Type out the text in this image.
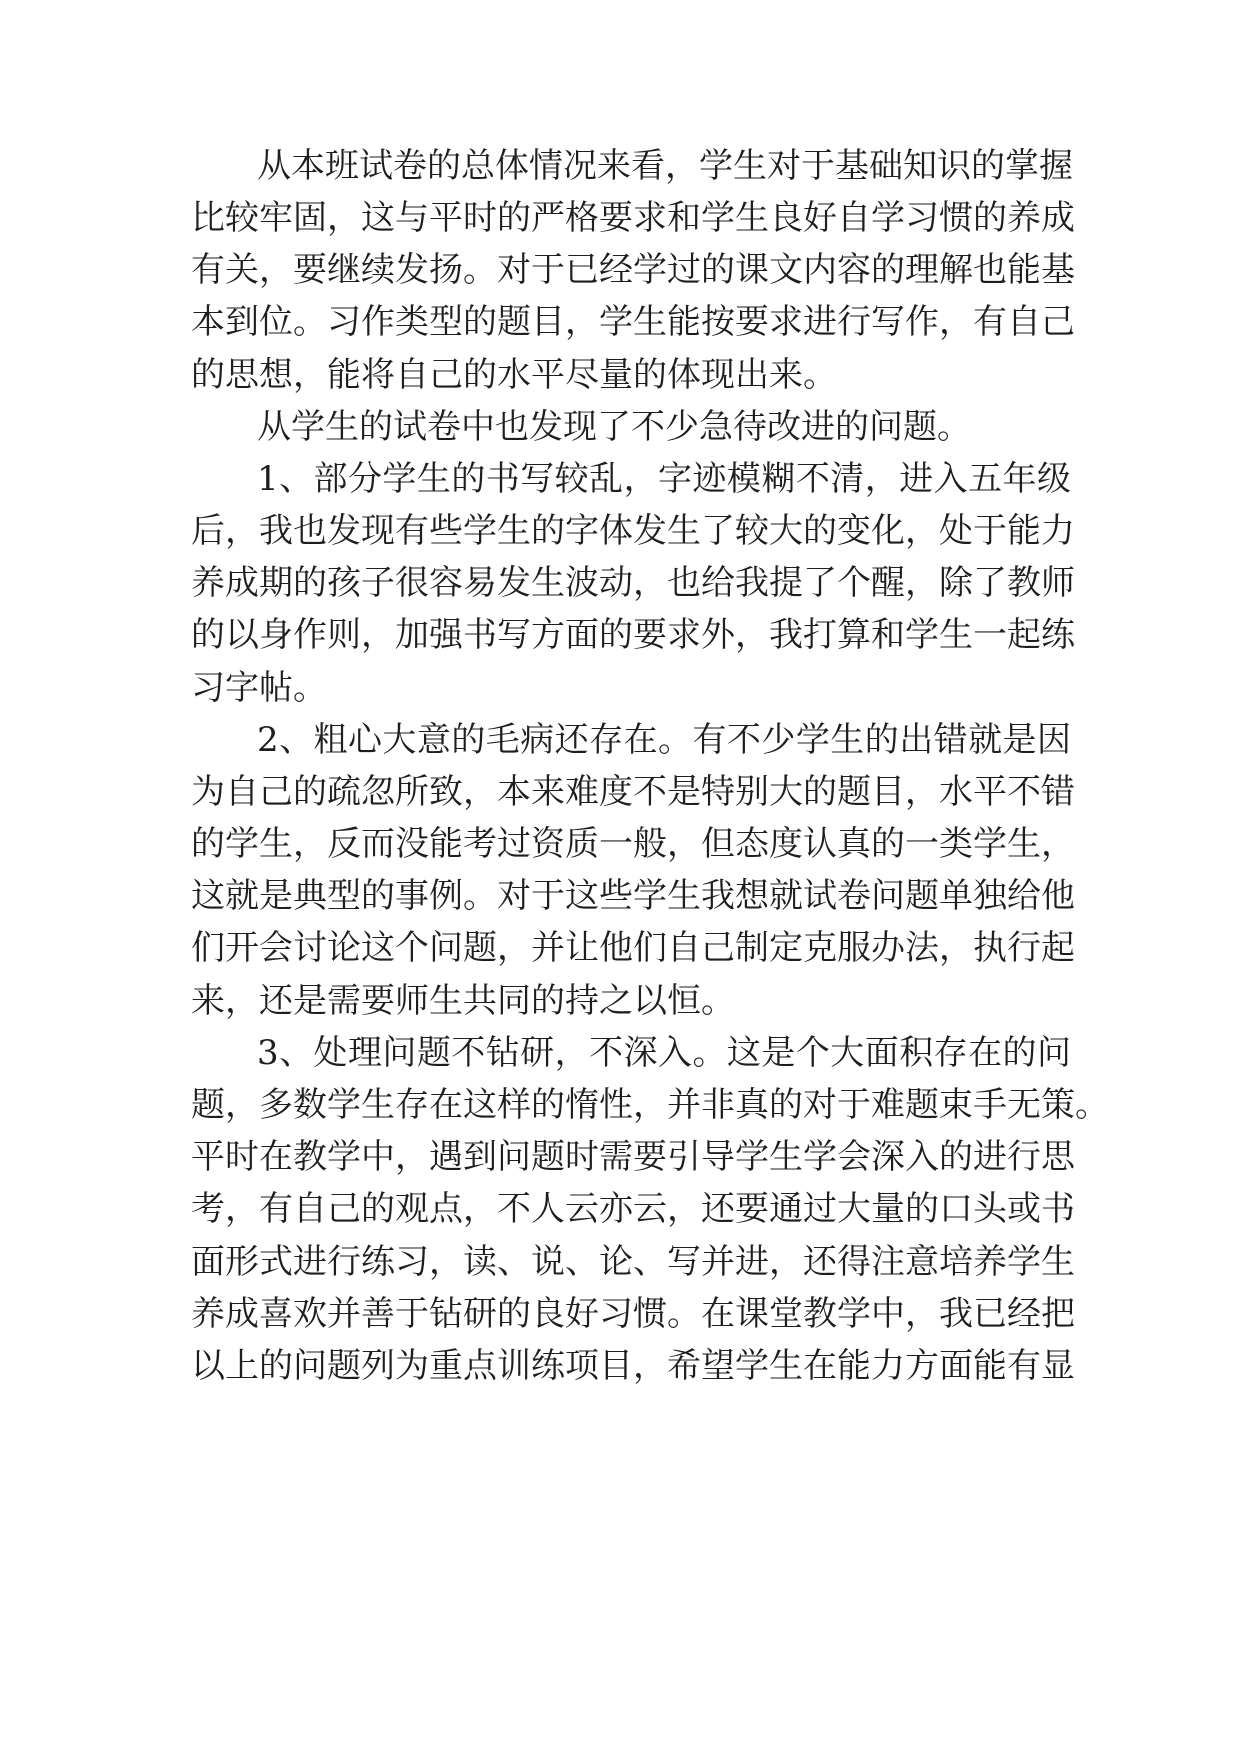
从本班试卷的总体情况来看，学生对于基础知识的掌握
比较牢固，这与平时的严格要求和学生良好自学习惯的养成
有关，要继续发扬。对于已经学过的课文内容的理解也能基
本到位。习作类型的题目，学生能按要求进行写作，有自己
的思想，能将自己的水平尽量的体现出来。
从学生的试卷中也发现了不少急待改进的问题。
1、部分学生的书写较乱，字迹模糊不清，进入五年级
后，我也发现有些学生的字体发生了较大的变化，处于能力
养成期的孩子很容易发生波动，也给我提了个醒，除了教师
的以身作则，加强书写方面的要求外，我打算和学生一起练
习字帖。
2、粗心大意的毛病还存在。有不少学生的出错就是因
为自己的疏忽所致，本来难度不是特别大的题目，水平不错
的学生，反而没能考过资质一般，但态度认真的一类学生，
这就是典型的事例。对于这些学生我想就试卷问题单独给他
们开会讨论这个问题，并让他们自己制定克服办法，执行起
来，还是需要师生共同的持之以恒。
3、处理问题不钻研，不深入。这是个大面积存在的问
题，多数学生存在这样的惰性，并非真的对于难题束手无策。
平时在教学中，遇到问题时需要引导学生学会深入的进行思
考，有自己的观点，不人云亦云，还要通过大量的口头或书
面形式进行练习，读、说、论、写并进，还得注意培养学生
养成喜欢并善于钻研的良好习惯。在课堂教学中，我已经把
以上的问题列为重点训练项目，希望学生在能力方面能有显
